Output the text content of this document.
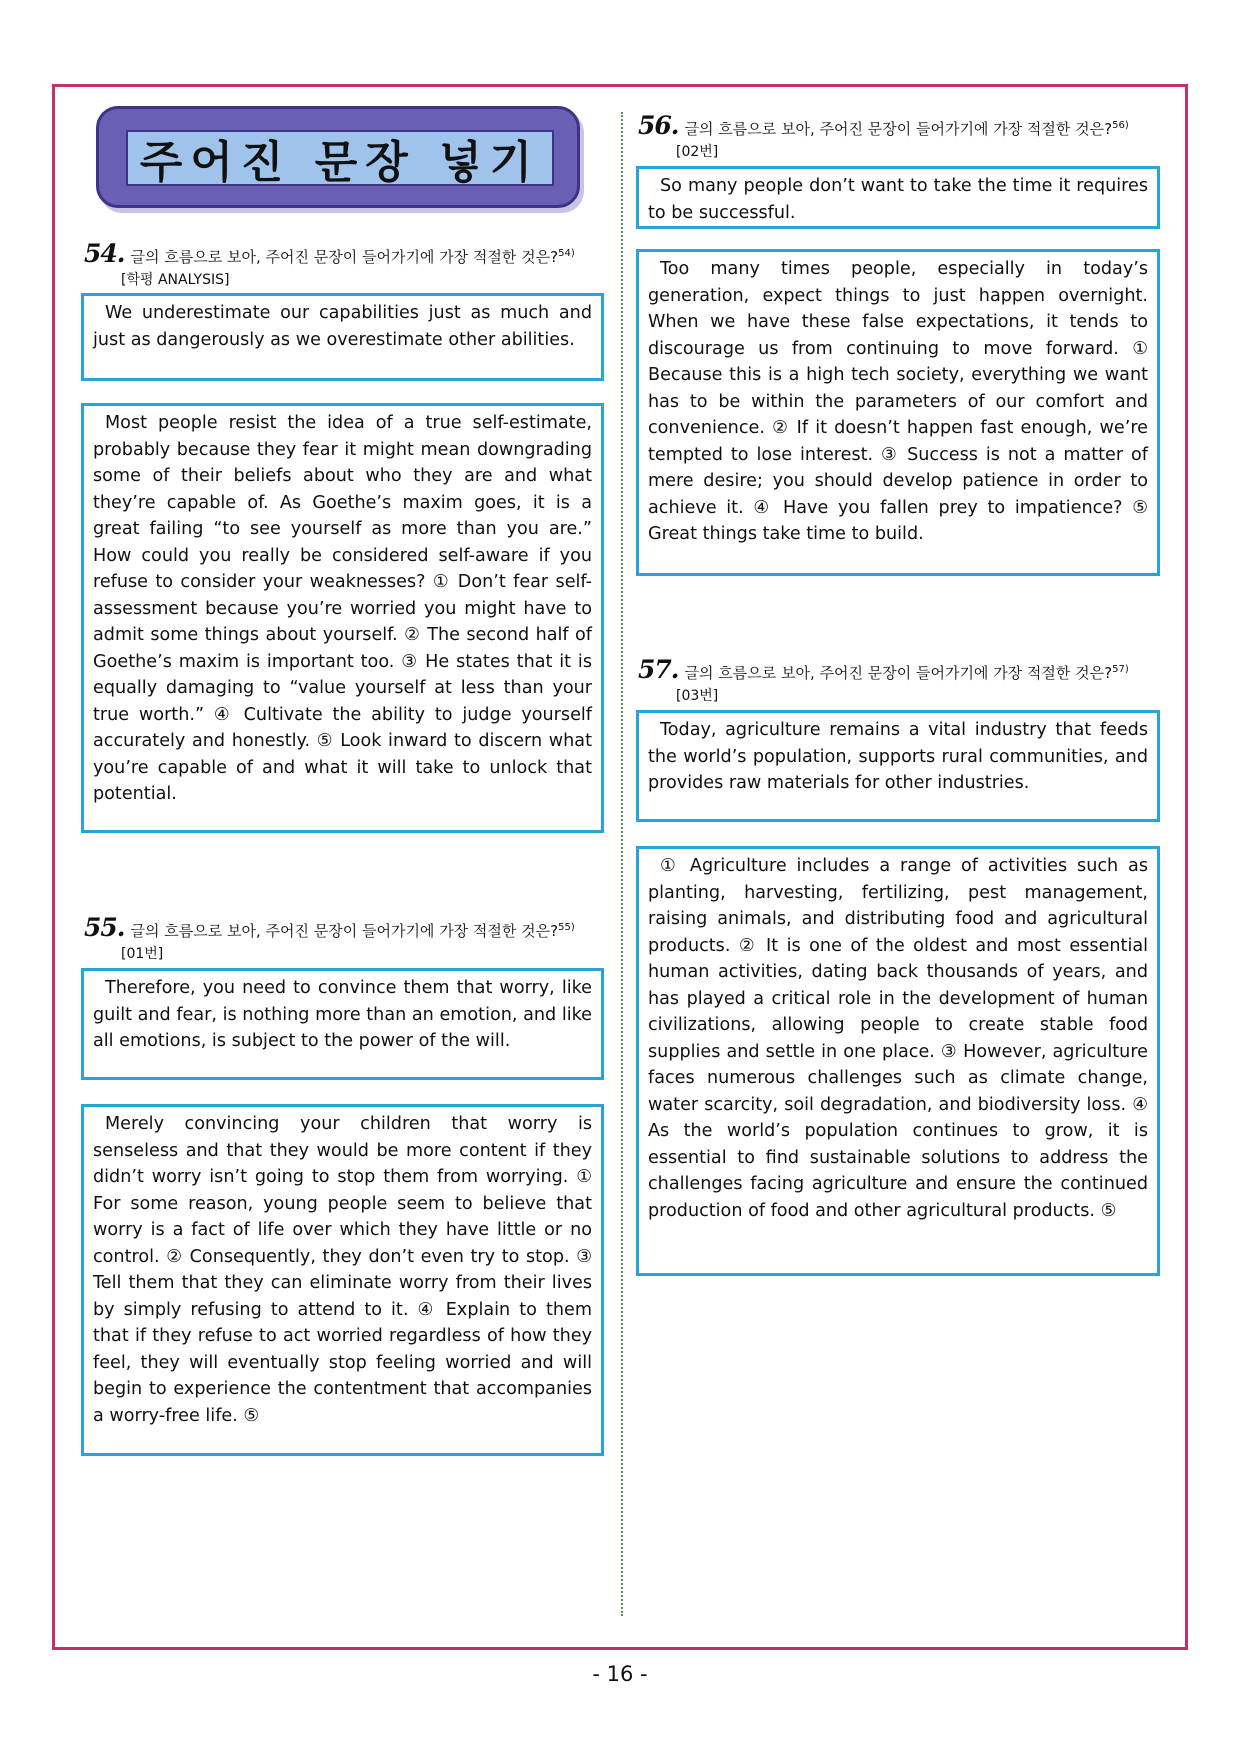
주어진 문장 넣기
54. 글의 흐름으로 보아, 주어진 문장이 들어가기에 가장 적절한 것은?$^{54)}$
[학평 ANALYSIS]

We underestimate our capabilities just as much and just as dangerously as we overestimate other abilities.

Most people resist the idea of a true self-estimate, probably because they fear it might mean downgrading some of their beliefs about who they are and what they’re capable of. As Goethe’s maxim goes, it is a great failing “to see yourself as more than you are.” How could you really be considered self-aware if you refuse to consider your weaknesses? ① Don’t fear self-assessment because you’re worried you might have to admit some things about yourself. ② The second half of Goethe’s maxim is important too. ③ He states that it is equally damaging to “value yourself at less than your true worth.” ④ Cultivate the ability to judge yourself accurately and honestly. ⑤ Look inward to discern what you’re capable of and what it will take to unlock that potential.

55. 글의 흐름으로 보아, 주어진 문장이 들어가기에 가장 적절한 것은?$^{55)}$
[01번]

Therefore, you need to convince them that worry, like guilt and fear, is nothing more than an emotion, and like all emotions, is subject to the power of the will.

Merely convincing your children that worry is senseless and that they would be more content if they didn’t worry isn’t going to stop them from worrying. ① For some reason, young people seem to believe that worry is a fact of life over which they have little or no control. ② Consequently, they don’t even try to stop. ③ Tell them that they can eliminate worry from their lives by simply refusing to attend to it. ④ Explain to them that if they refuse to act worried regardless of how they feel, they will eventually stop feeling worried and will begin to experience the contentment that accompanies a worry-free life. ⑤

56. 글의 흐름으로 보아, 주어진 문장이 들어가기에 가장 적절한 것은?$^{56)}$
[02번]

So many people don’t want to take the time it requires to be successful.

Too many times people, especially in today’s generation, expect things to just happen overnight. When we have these false expectations, it tends to discourage us from continuing to move forward. ① Because this is a high tech society, everything we want has to be within the parameters of our comfort and convenience. ② If it doesn’t happen fast enough, we’re tempted to lose interest. ③ Success is not a matter of mere desire; you should develop patience in order to achieve it. ④ Have you fallen prey to impatience? ⑤ Great things take time to build.

57. 글의 흐름으로 보아, 주어진 문장이 들어가기에 가장 적절한 것은?$^{57)}$
[03번]

Today, agriculture remains a vital industry that feeds the world’s population, supports rural communities, and provides raw materials for other industries.

① Agriculture includes a range of activities such as planting, harvesting, fertilizing, pest management, raising animals, and distributing food and agricultural products. ② It is one of the oldest and most essential human activities, dating back thousands of years, and has played a critical role in the development of human civilizations, allowing people to create stable food supplies and settle in one place. ③ However, agriculture faces numerous challenges such as climate change, water scarcity, soil degradation, and biodiversity loss. ④ As the world’s population continues to grow, it is essential to find sustainable solutions to address the challenges facing agriculture and ensure the continued production of food and other agricultural products. ⑤

- 16 -
